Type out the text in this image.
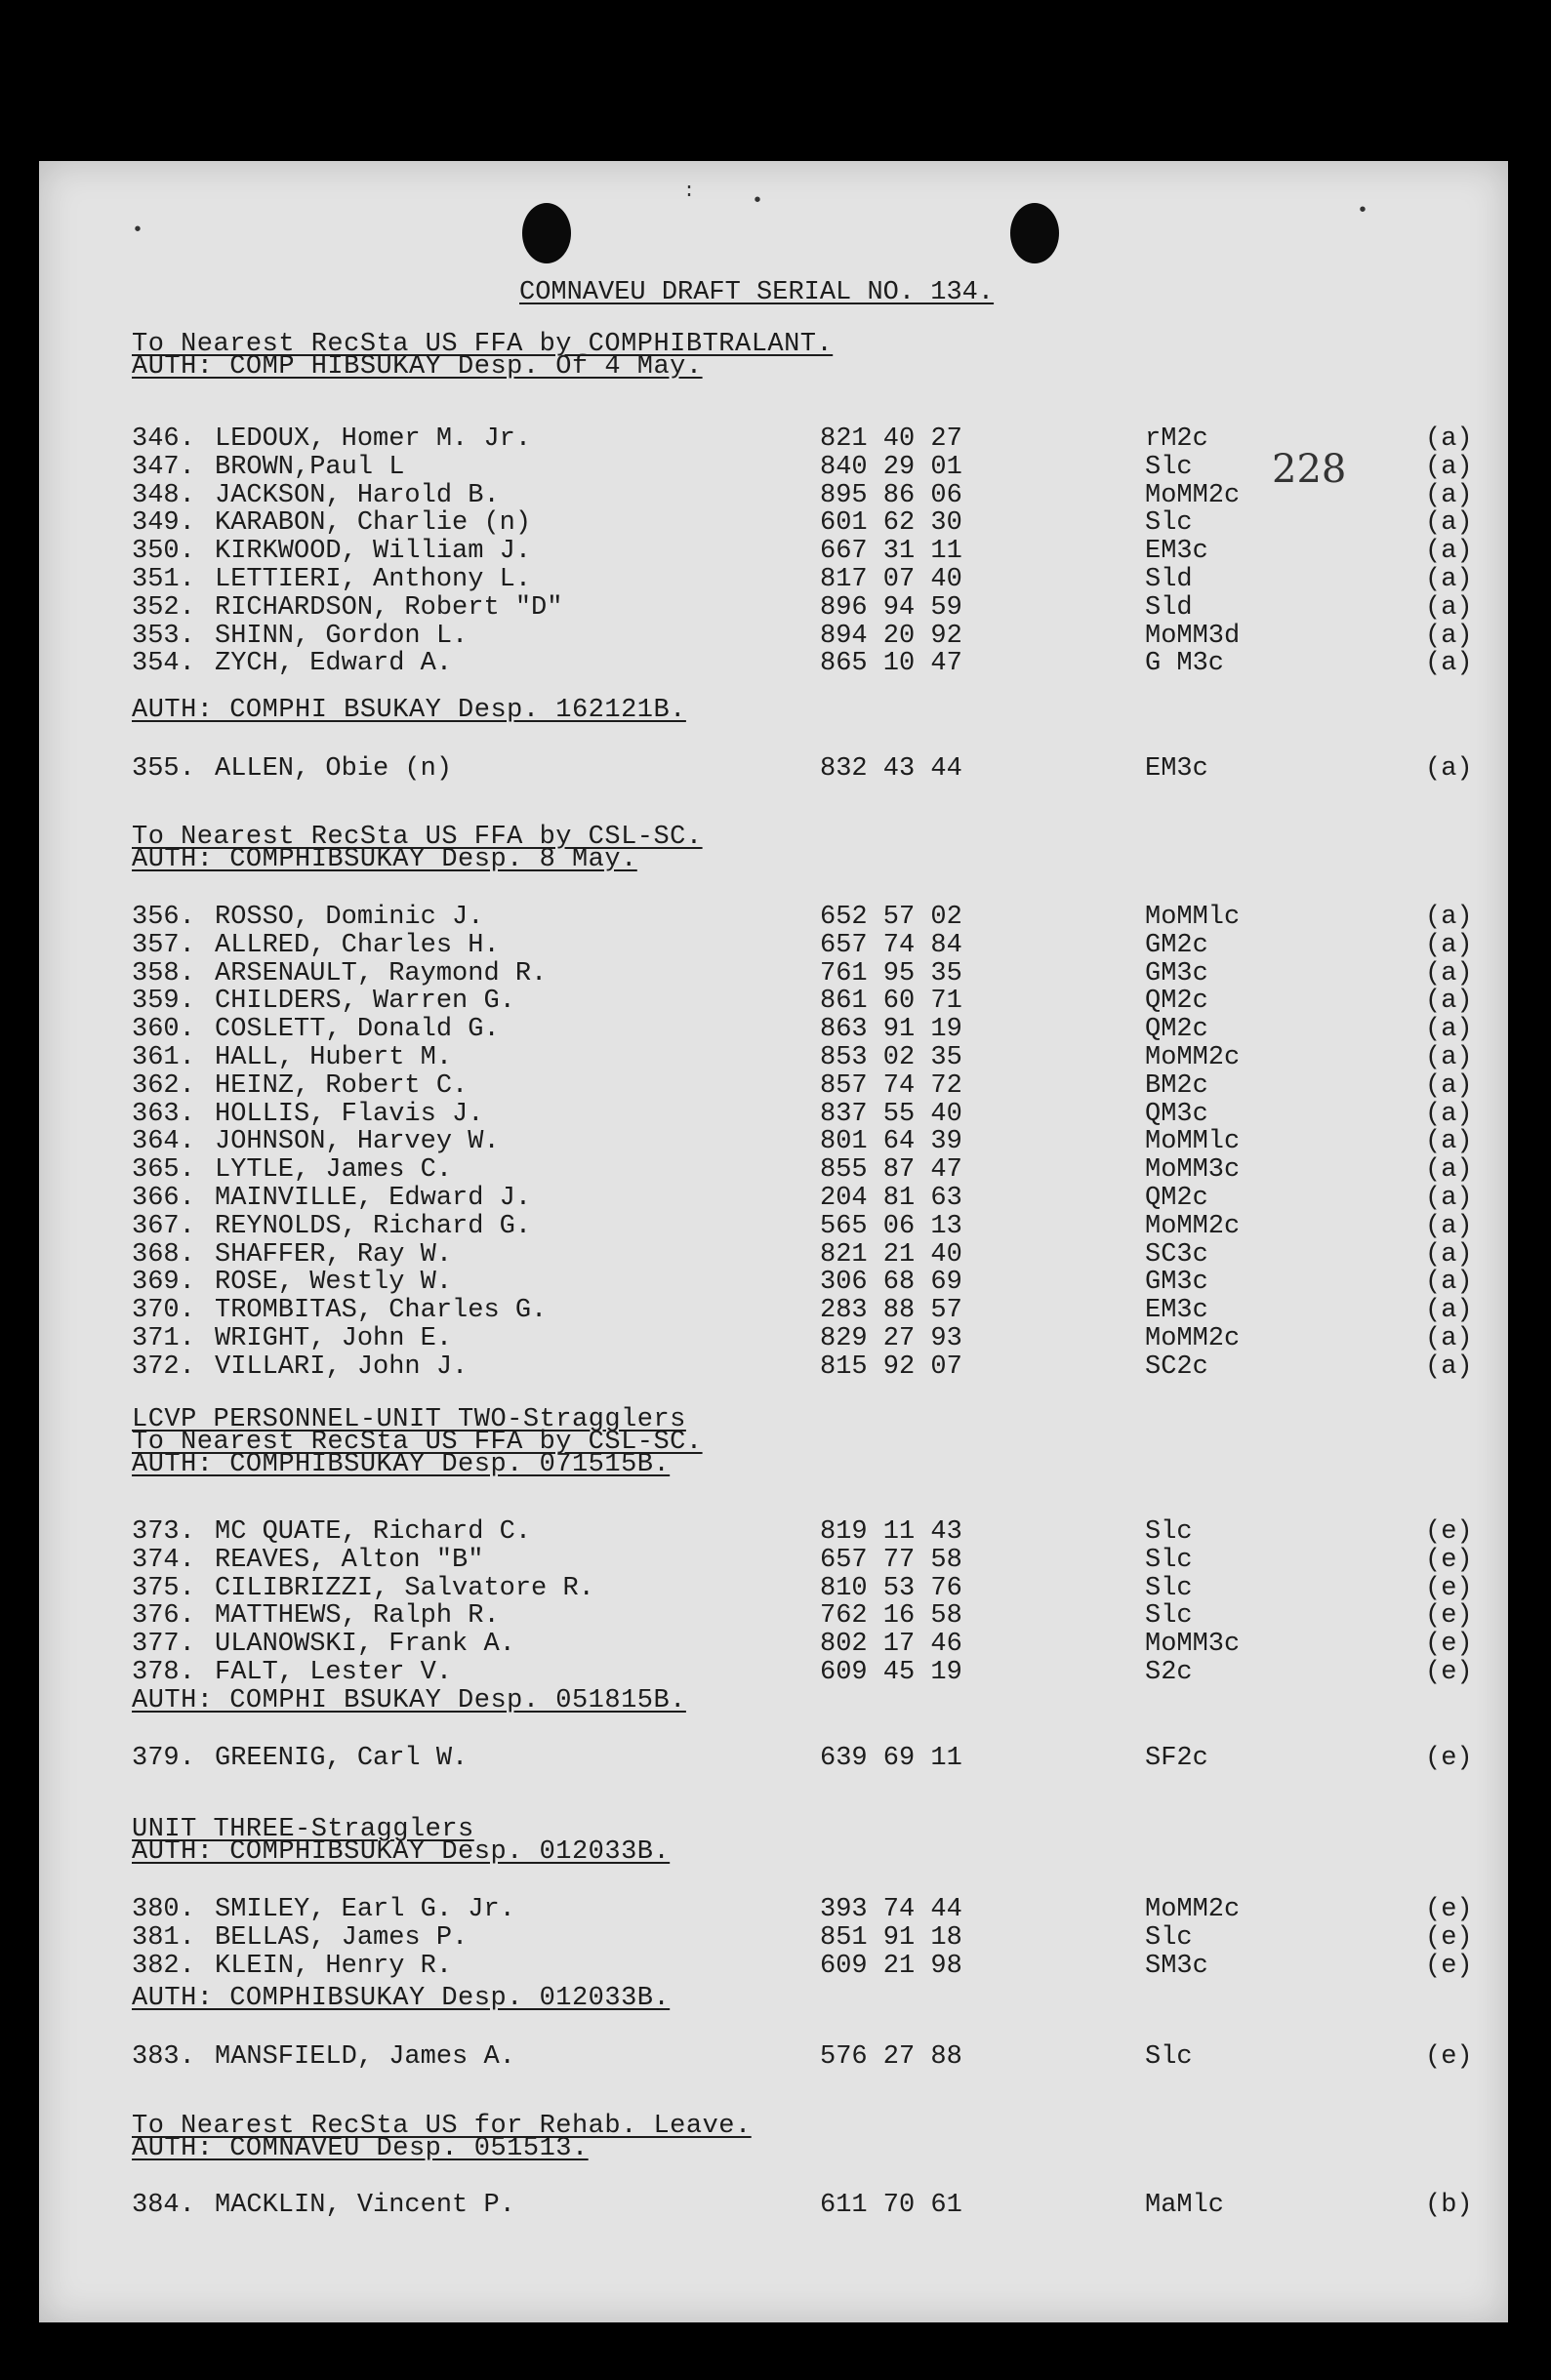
:	•
•
•
COMNAVEU DRAFT SERIAL NO. 134.
228
To Nearest RecSta US FFA by COMPHIBTRALANT.
AUTH: COMP HIBSUKAY Desp. Of 4 May.
346. LEDOUX, Homer M. Jr.	821 40 27	rM2c	(a)
347. BROWN,Paul L	840 29 01	Slc	(a)
348. JACKSON, Harold B.	895 86 06	MoMM2c	(a)
349. KARABON, Charlie (n)	601 62 30	Slc	(a)
350. KIRKWOOD, William J.	667 31 11	EM3c	(a)
351. LETTIERI, Anthony L.	817 07 40	Sld	(a)
352. RICHARDSON, Robert "D"	896 94 59	Sld	(a)
353. SHINN, Gordon L.	894 20 92	MoMM3d	(a)
354. ZYCH, Edward A.	865 10 47	G M3c	(a)
AUTH: COMPHI BSUKAY Desp. 162121B.
355. ALLEN, Obie (n)	832 43 44	EM3c	(a)
To Nearest RecSta US FFA by CSL-SC.
AUTH: COMPHIBSUKAY Desp. 8 May.
356. ROSSO, Dominic J.	652 57 02	MoMMlc	(a)
357. ALLRED, Charles H.	657 74 84	GM2c	(a)
358. ARSENAULT, Raymond R.	761 95 35	GM3c	(a)
359. CHILDERS, Warren G.	861 60 71	QM2c	(a)
360. COSLETT, Donald G.	863 91 19	QM2c	(a)
361. HALL, Hubert M.	853 02 35	MoMM2c	(a)
362. HEINZ, Robert C.	857 74 72	BM2c	(a)
363. HOLLIS, Flavis J.	837 55 40	QM3c	(a)
364. JOHNSON, Harvey W.	801 64 39	MoMMlc	(a)
365. LYTLE, James C.	855 87 47	MoMM3c	(a)
366. MAINVILLE, Edward J.	204 81 63	QM2c	(a)
367. REYNOLDS, Richard G.	565 06 13	MoMM2c	(a)
368. SHAFFER, Ray W.	821 21 40	SC3c	(a)
369. ROSE, Westly W.	306 68 69	GM3c	(a)
370. TROMBITAS, Charles G.	283 88 57	EM3c	(a)
371. WRIGHT, John E.	829 27 93	MoMM2c	(a)
372. VILLARI, John J.	815 92 07	SC2c	(a)
LCVP PERSONNEL-UNIT TWO-Stragglers
To Nearest RecSta US FFA by CSL-SC.
AUTH: COMPHIBSUKAY Desp. 071515B.
373. MC QUATE, Richard C.	819 11 43	Slc	(e)
374. REAVES, Alton "B"	657 77 58	Slc	(e)
375. CILIBRIZZI, Salvatore R.	810 53 76	Slc	(e)
376. MATTHEWS, Ralph R.	762 16 58	Slc	(e)
377. ULANOWSKI, Frank A.	802 17 46	MoMM3c	(e)
378. FALT, Lester V.	609 45 19	S2c	(e)
AUTH: COMPHI BSUKAY Desp. 051815B.
379. GREENIG, Carl W.	639 69 11	SF2c	(e)
UNIT THREE-Stragglers
AUTH: COMPHIBSUKAY Desp. 012033B.
380. SMILEY, Earl G. Jr.	393 74 44	MoMM2c	(e)
381. BELLAS, James P.	851 91 18	Slc	(e)
382. KLEIN, Henry R.	609 21 98	SM3c	(e)
AUTH: COMPHIBSUKAY Desp. 012033B.
383. MANSFIELD, James A.	576 27 88	Slc	(e)
To Nearest RecSta US for Rehab. Leave.
AUTH: COMNAVEU Desp. 051513.
384. MACKLIN, Vincent P.	611 70 61	MaMlc	(b)
